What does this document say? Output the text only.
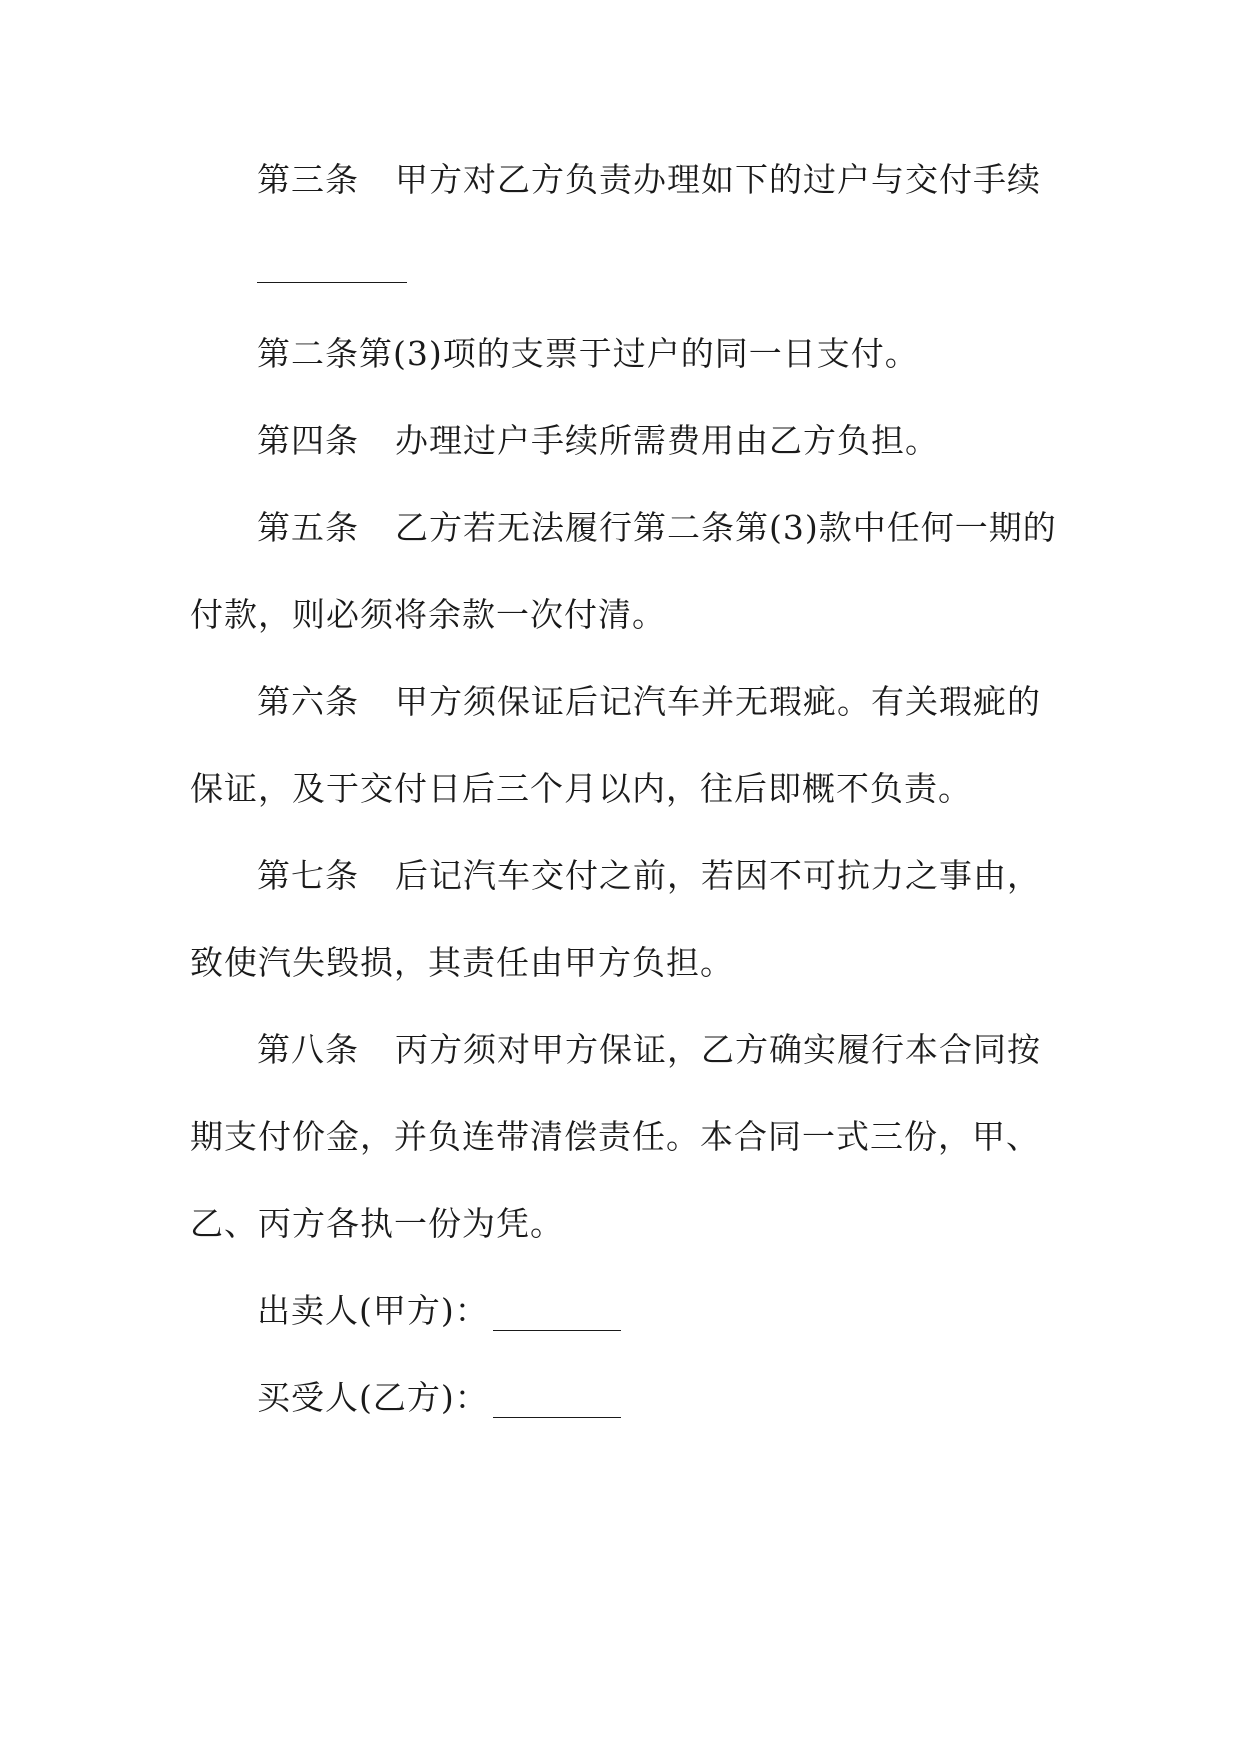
第三条 甲方对乙方负责办理如下的过户与交付手续
第二条第(3)项的支票于过户的同一日支付。
第四条 办理过户手续所需费用由乙方负担。
第五条 乙方若无法履行第二条第(3)款中任何一期的
付款，则必须将余款一次付清。
第六条 甲方须保证后记汽车并无瑕疵。有关瑕疵的
保证，及于交付日后三个月以内，往后即概不负责。
第七条 后记汽车交付之前，若因不可抗力之事由，
致使汽失毁损，其责任由甲方负担。
第八条 丙方须对甲方保证，乙方确实履行本合同按
期支付价金，并负连带清偿责任。本合同一式三份，甲、
乙、丙方各执一份为凭。
出卖人(甲方)：
买受人(乙方)：
